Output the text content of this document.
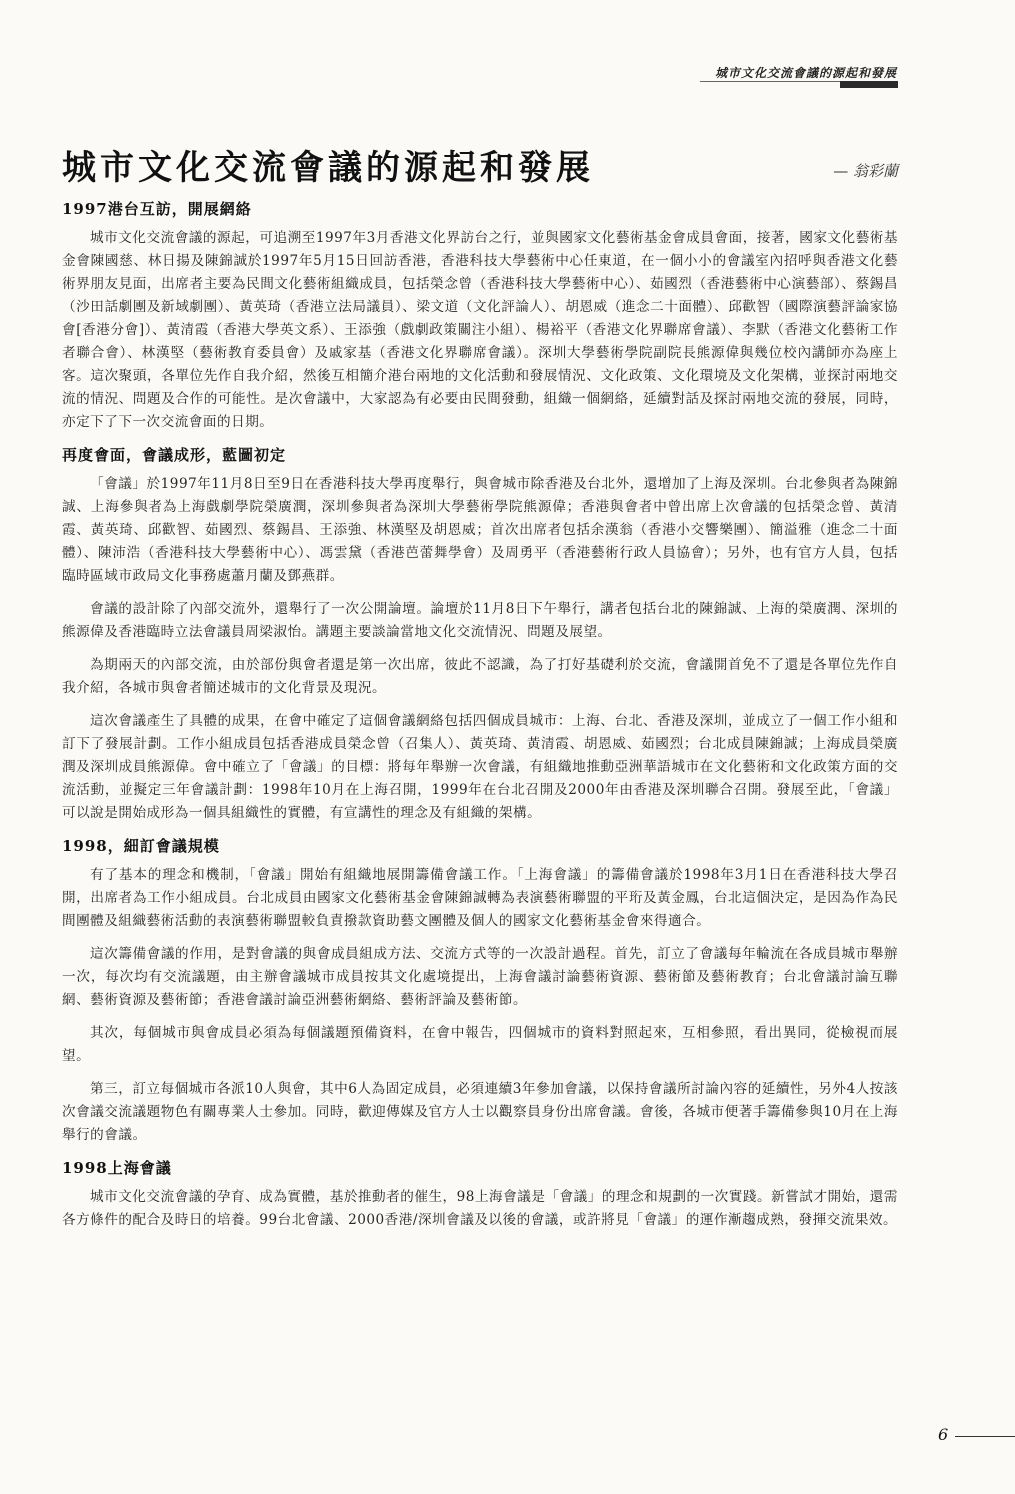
城市文化交流會議的源起和發展
城市文化交流會議的源起和發展	— 翁彩蘭
1997港台互訪，開展網絡

城市文化交流會議的源起，可追溯至1997年3月香港文化界訪台之行，並與國家文化藝術基金會成員會面，接著，國家文化藝術基金會陳國慈、林日揚及陳錦誠於1997年5月15日回訪香港，香港科技大學藝術中心任東道，在一個小小的會議室內招呼與香港文化藝術界朋友見面，出席者主要為民間文化藝術組織成員，包括榮念曾（香港科技大學藝術中心）、茹國烈（香港藝術中心演藝部）、蔡錫昌（沙田話劇團及新域劇團）、黃英琦（香港立法局議員）、梁文道（文化評論人）、胡恩威（進念二十面體）、邱歡智（國際演藝評論家協會[香港分會]）、黃清霞（香港大學英文系）、王添強（戲劇政策關注小組）、楊裕平（香港文化界聯席會議）、李默（香港文化藝術工作者聯合會）、林漢堅（藝術教育委員會）及戚家基（香港文化界聯席會議）。深圳大學藝術學院副院長熊源偉與幾位校內講師亦為座上客。這次聚頭，各單位先作自我介紹，然後互相簡介港台兩地的文化活動和發展情況、文化政策、文化環境及文化架構，並探討兩地交流的情況、問題及合作的可能性。是次會議中，大家認為有必要由民間發動，組織一個網絡，延續對話及探討兩地交流的發展，同時，亦定下了下一次交流會面的日期。

再度會面，會議成形，藍圖初定

「會議」於1997年11月8日至9日在香港科技大學再度舉行，與會城市除香港及台北外，還增加了上海及深圳。台北參與者為陳錦誠、上海參與者為上海戲劇學院榮廣潤，深圳參與者為深圳大學藝術學院熊源偉；香港與會者中曾出席上次會議的包括榮念曾、黃清霞、黃英琦、邱歡智、茹國烈、蔡錫昌、王添強、林漢堅及胡恩威；首次出席者包括余漢翁（香港小交響樂團）、簡溢雅（進念二十面體）、陳沛浩（香港科技大學藝術中心）、馮雲黛（香港芭蕾舞學會）及周勇平（香港藝術行政人員協會）；另外，也有官方人員，包括臨時區域市政局文化事務處蕭月蘭及鄧燕群。

會議的設計除了內部交流外，還舉行了一次公開論壇。論壇於11月8日下午舉行，講者包括台北的陳錦誠、上海的榮廣潤、深圳的熊源偉及香港臨時立法會議員周梁淑怡。講題主要談論當地文化交流情況、問題及展望。

為期兩天的內部交流，由於部份與會者還是第一次出席，彼此不認識，為了打好基礎利於交流，會議開首免不了還是各單位先作自我介紹，各城市與會者簡述城市的文化背景及現況。

這次會議產生了具體的成果，在會中確定了這個會議網絡包括四個成員城市：上海、台北、香港及深圳，並成立了一個工作小組和訂下了發展計劃。工作小組成員包括香港成員榮念曾（召集人）、黃英琦、黃清霞、胡恩威、茹國烈；台北成員陳錦誠；上海成員榮廣潤及深圳成員熊源偉。會中確立了「會議」的目標：將每年舉辦一次會議，有組織地推動亞洲華語城市在文化藝術和文化政策方面的交流活動，並擬定三年會議計劃：1998年10月在上海召開，1999年在台北召開及2000年由香港及深圳聯合召開。發展至此，「會議」可以說是開始成形為一個具組織性的實體，有宣講性的理念及有組織的架構。

1998，細訂會議規模

有了基本的理念和機制，「會議」開始有組織地展開籌備會議工作。「上海會議」的籌備會議於1998年3月1日在香港科技大學召開，出席者為工作小組成員。台北成員由國家文化藝術基金會陳錦誠轉為表演藝術聯盟的平珩及黃金鳳，台北這個決定，是因為作為民間團體及組織藝術活動的表演藝術聯盟較負責撥款資助藝文團體及個人的國家文化藝術基金會來得適合。

這次籌備會議的作用，是對會議的與會成員組成方法、交流方式等的一次設計過程。首先，訂立了會議每年輪流在各成員城市舉辦一次，每次均有交流議題，由主辦會議城市成員按其文化處境提出，上海會議討論藝術資源、藝術節及藝術教育；台北會議討論互聯網、藝術資源及藝術節；香港會議討論亞洲藝術網絡、藝術評論及藝術節。

其次，每個城市與會成員必須為每個議題預備資料，在會中報告，四個城市的資料對照起來，互相參照，看出異同，從檢視而展望。

第三，訂立每個城市各派10人與會，其中6人為固定成員，必須連續3年參加會議，以保持會議所討論內容的延續性，另外4人按該次會議交流議題物色有關專業人士參加。同時，歡迎傳媒及官方人士以觀察員身份出席會議。會後，各城市便著手籌備參與10月在上海舉行的會議。

1998上海會議

城市文化交流會議的孕育、成為實體，基於推動者的催生，98上海會議是「會議」的理念和規劃的一次實踐。新嘗試才開始，還需各方條件的配合及時日的培養。99台北會議、2000香港/深圳會議及以後的會議，或許將見「會議」的運作漸趨成熟，發揮交流果效。

6
